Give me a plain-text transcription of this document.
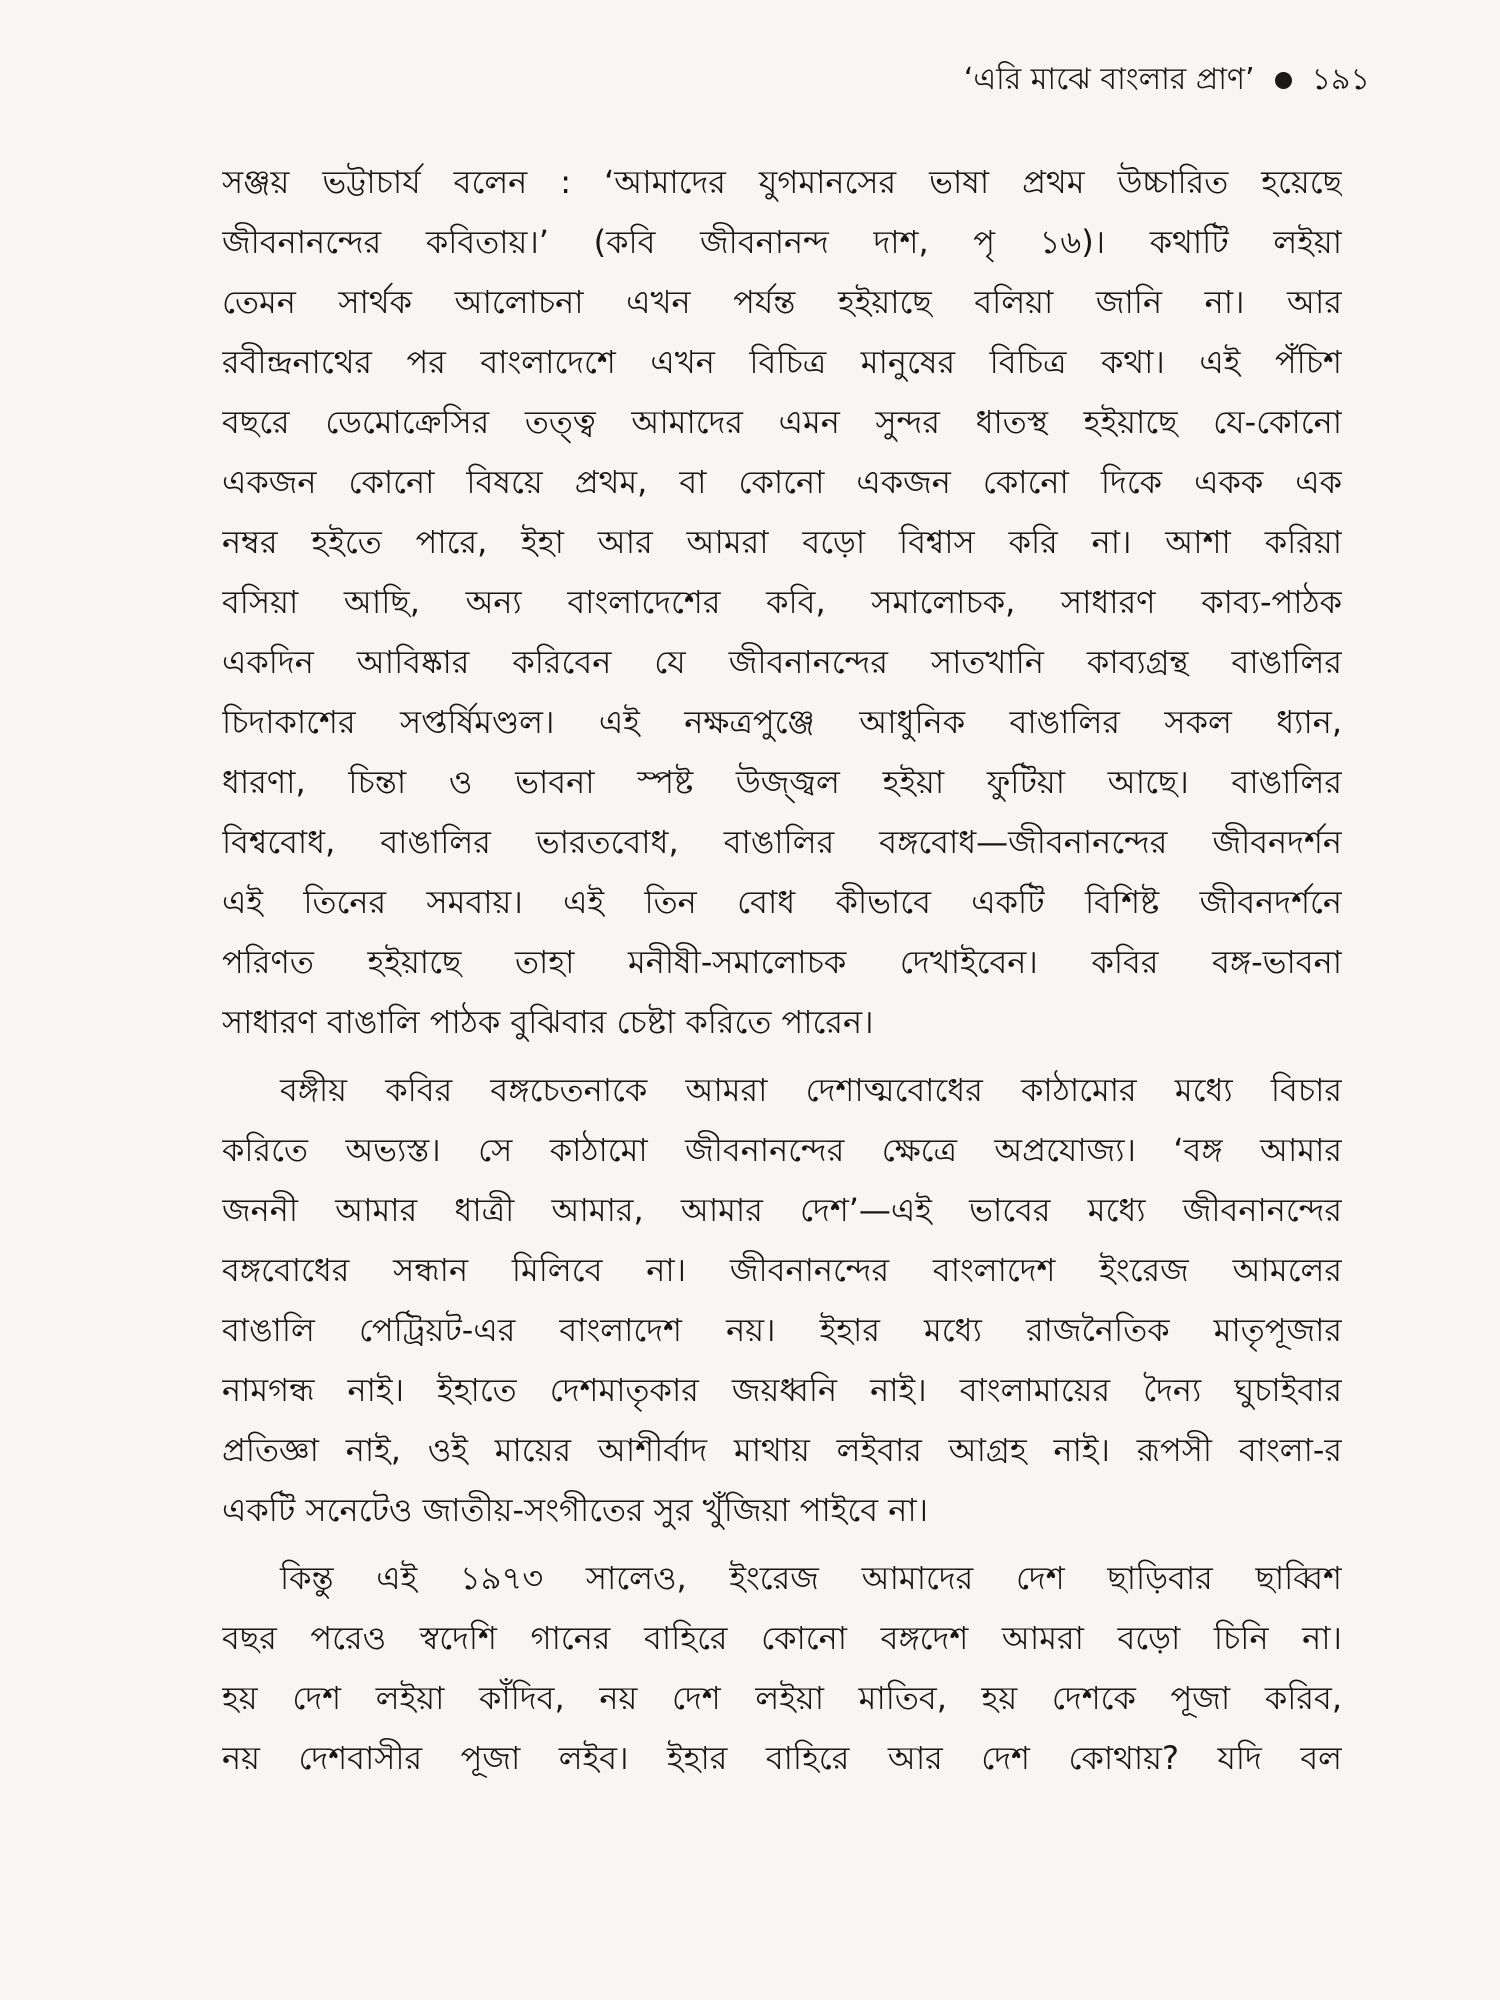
‘এরি মাঝে বাংলার প্রাণ’ ১৯১
সঞ্জয় ভট্টাচার্য বলেন : ‘আমাদের যুগমানসের ভাষা প্রথম উচ্চারিত হয়েছে
জীবনানন্দের কবিতায়।’ (কবি জীবনানন্দ দাশ, পৃ ১৬)। কথাটি লইয়া
তেমন সার্থক আলোচনা এখন পর্যন্ত হইয়াছে বলিয়া জানি না। আর
রবীন্দ্রনাথের পর বাংলাদেশে এখন বিচিত্র মানুষের বিচিত্র কথা। এই পঁচিশ
বছরে ডেমোক্রেসির তত্ত্ব আমাদের এমন সুন্দর ধাতস্থ হইয়াছে যে-কোনো
একজন কোনো বিষয়ে প্রথম, বা কোনো একজন কোনো দিকে একক এক
নম্বর হইতে পারে, ইহা আর আমরা বড়ো বিশ্বাস করি না। আশা করিয়া
বসিয়া আছি, অন্য বাংলাদেশের কবি, সমালোচক, সাধারণ কাব্য-পাঠক
একদিন আবিষ্কার করিবেন যে জীবনানন্দের সাতখানি কাব্যগ্রন্থ বাঙালির
চিদাকাশের সপ্তর্ষিমণ্ডল। এই নক্ষত্রপুঞ্জে আধুনিক বাঙালির সকল ধ্যান,
ধারণা, চিন্তা ও ভাবনা স্পষ্ট উজ্জ্বল হইয়া ফুটিয়া আছে। বাঙালির
বিশ্ববোধ, বাঙালির ভারতবোধ, বাঙালির বঙ্গবোধ—জীবনানন্দের জীবনদর্শন
এই তিনের সমবায়। এই তিন বোধ কীভাবে একটি বিশিষ্ট জীবনদর্শনে
পরিণত হইয়াছে তাহা মনীষী-সমালোচক দেখাইবেন। কবির বঙ্গ-ভাবনা
সাধারণ বাঙালি পাঠক বুঝিবার চেষ্টা করিতে পারেন।
বঙ্গীয় কবির বঙ্গচেতনাকে আমরা দেশাত্মবোধের কাঠামোর মধ্যে বিচার
করিতে অভ্যস্ত। সে কাঠামো জীবনানন্দের ক্ষেত্রে অপ্রযোজ্য। ‘বঙ্গ আমার
জননী আমার ধাত্রী আমার, আমার দেশ’—এই ভাবের মধ্যে জীবনানন্দের
বঙ্গবোধের সন্ধান মিলিবে না। জীবনানন্দের বাংলাদেশ ইংরেজ আমলের
বাঙালি পেট্রিয়ট-এর বাংলাদেশ নয়। ইহার মধ্যে রাজনৈতিক মাতৃপূজার
নামগন্ধ নাই। ইহাতে দেশমাতৃকার জয়ধ্বনি নাই। বাংলামায়ের দৈন্য ঘুচাইবার
প্রতিজ্ঞা নাই, ওই মায়ের আশীর্বাদ মাথায় লইবার আগ্রহ নাই। রূপসী বাংলা-র
একটি সনেটেও জাতীয়-সংগীতের সুর খুঁজিয়া পাইবে না।
কিন্তু এই ১৯৭৩ সালেও, ইংরেজ আমাদের দেশ ছাড়িবার ছাব্বিশ
বছর পরেও স্বদেশি গানের বাহিরে কোনো বঙ্গদেশ আমরা বড়ো চিনি না।
হয় দেশ লইয়া কাঁদিব, নয় দেশ লইয়া মাতিব, হয় দেশকে পূজা করিব,
নয় দেশবাসীর পূজা লইব। ইহার বাহিরে আর দেশ কোথায়? যদি বল
